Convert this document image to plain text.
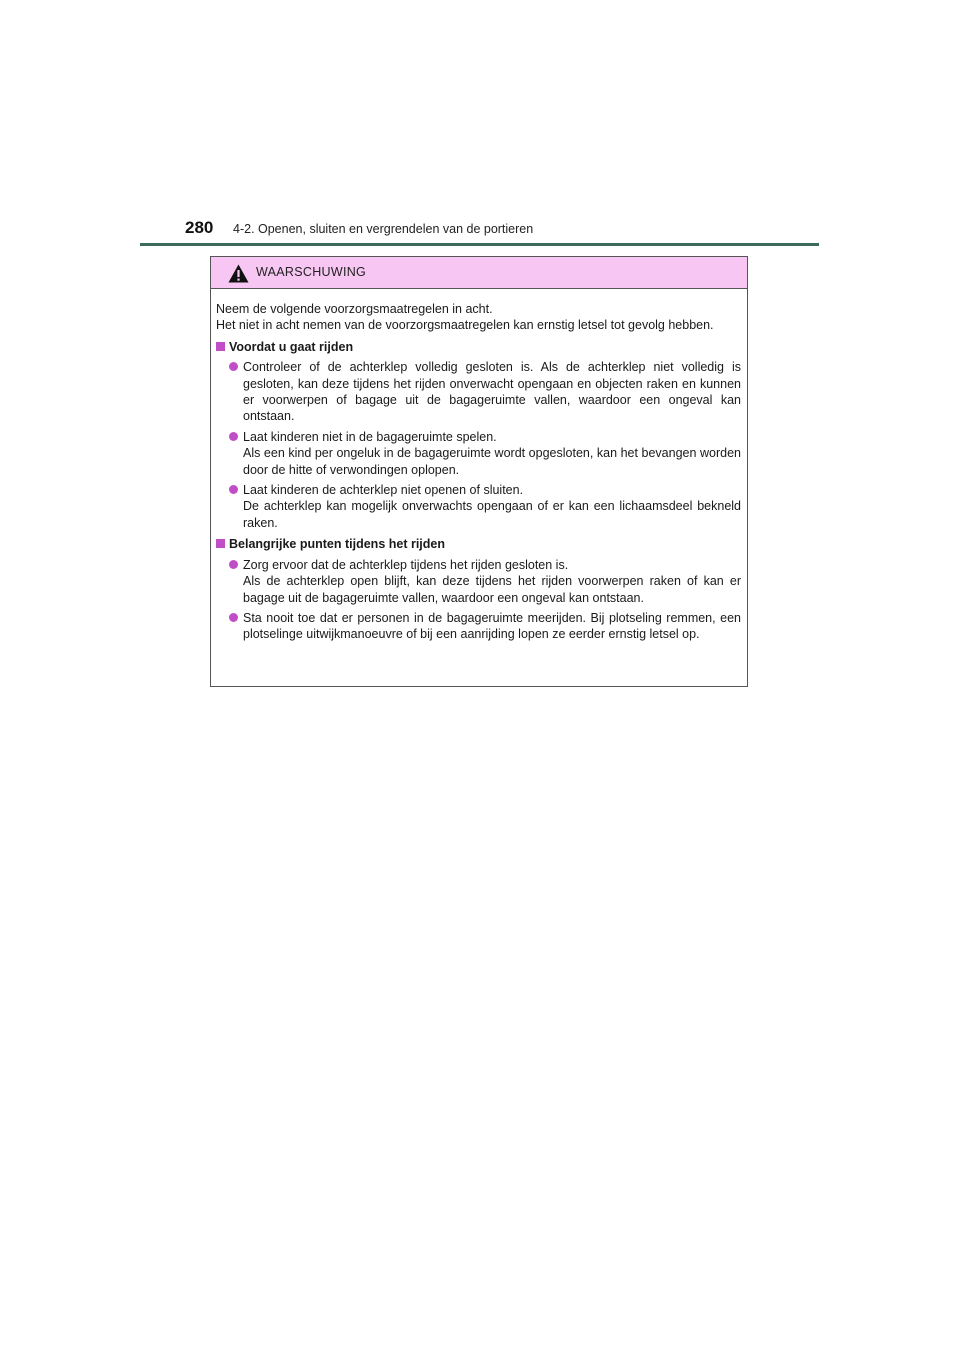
280 4-2. Openen, sluiten en vergrendelen van de portieren
WAARSCHUWING

Neem de volgende voorzorgsmaatregelen in acht.

Het niet in acht nemen van de voorzorgsmaatregelen kan ernstig letsel tot gevolg hebben.

Voordat u gaat rijden

Controleer of de achterklep volledig gesloten is. Als de achterklep niet volledig is gesloten, kan deze tijdens het rijden onverwacht opengaan en objecten raken en kunnen er voorwerpen of bagage uit de bagageruimte vallen, waardoor een ongeval kan ontstaan.

Laat kinderen niet in de bagageruimte spelen.

Als een kind per ongeluk in de bagageruimte wordt opgesloten, kan het bevangen worden door de hitte of verwondingen oplopen.

Laat kinderen de achterklep niet openen of sluiten.

De achterklep kan mogelijk onverwachts opengaan of er kan een lichaamsdeel bekneld raken.

Belangrijke punten tijdens het rijden

Zorg ervoor dat de achterklep tijdens het rijden gesloten is.

Als de achterklep open blijft, kan deze tijdens het rijden voorwerpen raken of kan er bagage uit de bagageruimte vallen, waardoor een ongeval kan ontstaan.

Sta nooit toe dat er personen in de bagageruimte meerijden. Bij plotseling remmen, een plotselinge uitwijkmanoeuvre of bij een aanrijding lopen ze eerder ernstig letsel op.
